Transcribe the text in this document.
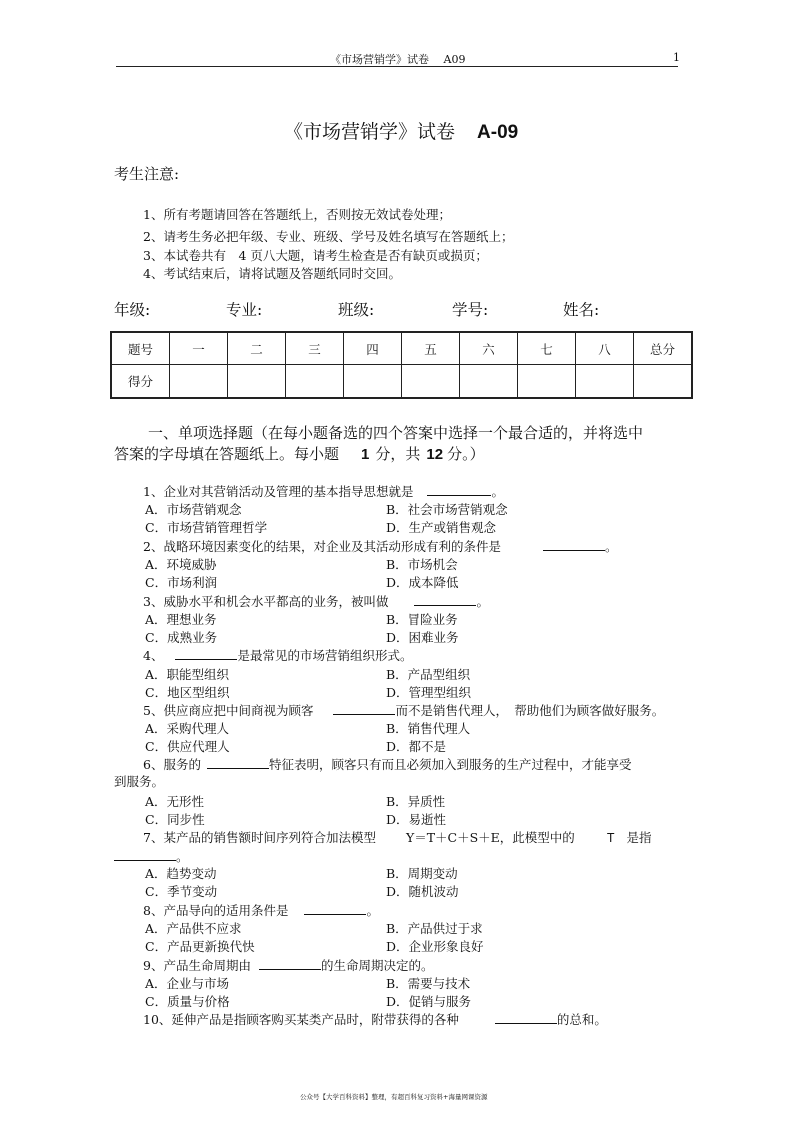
《市场营销学》试卷　 A09	1
《市场营销学》试卷 A-09
考生注意:
1、所有考题请回答在答题纸上，否则按无效试卷处理；
2、请考生务必把年级、专业、班级、学号及姓名填写在答题纸上；
3、本试卷共有　4 页八大题，请考生检查是否有缺页或损页；
4、考试结束后，请将试题及答题纸同时交回。
年级:	专业:	班级:	学号:	姓名:
题号	一	二	三	四	五	六	七	八	总分
得分									
一、单项选择题（在每小题备选的四个答案中选择一个最合适的，并将选中
答案的字母填在答题纸上。每小题 1 分，共 12 分。）
1、企业对其营销活动及管理的基本指导思想就是	。
A．市场营销观念	B．社会市场营销观念
C．市场营销管理哲学	D．生产或销售观念
2、战略环境因素变化的结果，对企业及其活动形成有利的条件是	。
A．环境威胁	B．市场机会
C．市场利润	D．成本降低
3、威胁水平和机会水平都高的业务，被叫做	。
A．理想业务	B．冒险业务
C．成熟业务	D．困难业务
4、	是最常见的市场营销组织形式。
A．职能型组织	B．产品型组织
C．地区型组织	D．管理型组织
5、供应商应把中间商视为顾客	而不是销售代理人，　帮助他们为顾客做好服务。
A．采购代理人	B．销售代理人
C．供应代理人	D．都不是
6、服务的	特征表明，顾客只有而且必须加入到服务的生产过程中，才能享受
到服务。
A．无形性	B．异质性
C．同步性	D．易逝性
7、某产品的销售额时间序列符合加法模型 Y＝T＋C＋S＋E，此模型中的	T 是指
。
A．趋势变动	B．周期变动
C．季节变动	D．随机波动
8、产品导向的适用条件是	。
A．产品供不应求	B．产品供过于求
C．产品更新换代快	D．企业形象良好
9、产品生命周期由	的生命周期决定的。
A．企业与市场	B．需要与技术
C．质量与价格	D．促销与服务
10、延伸产品是指顾客购买某类产品时，附带获得的各种	的总和。
公众号【大学百科资料】整理，有超百科复习资料+海量网课资源
